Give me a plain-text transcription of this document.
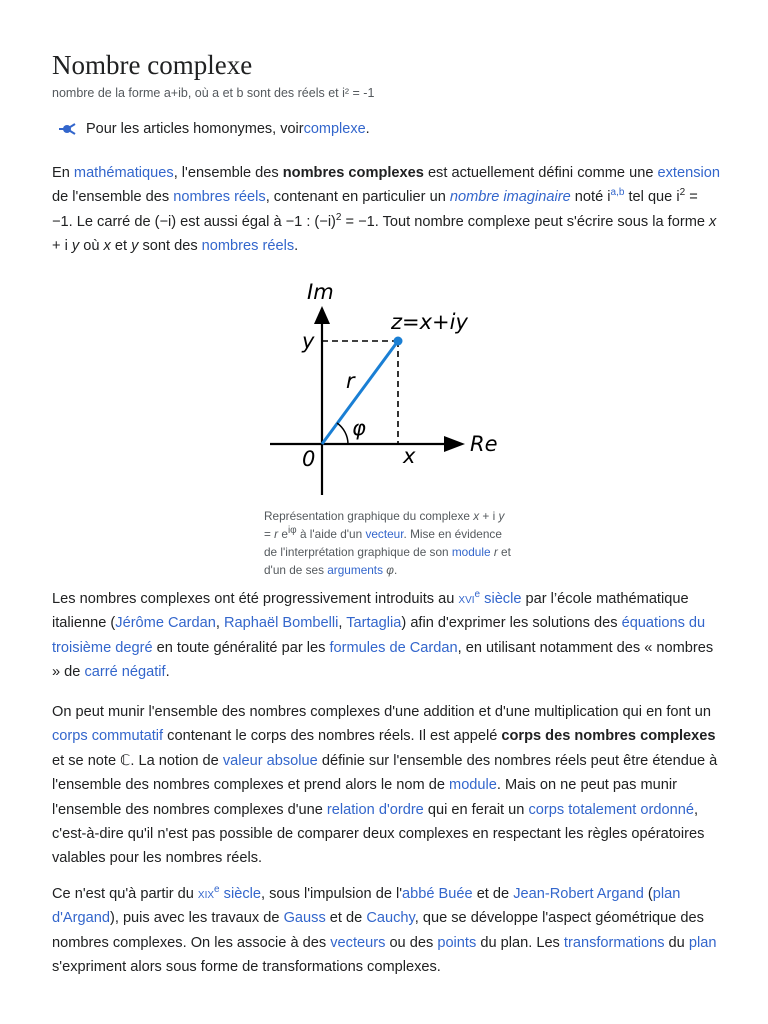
Nombre complexe
nombre de la forme a+ib, où a et b sont des réels et i² = -1
Pour les articles homonymes, voir complexe .

En mathématiques, l'ensemble des nombres complexes est actuellement défini comme une extension de l'ensemble des nombres réels, contenant en particulier un nombre imaginaire noté $i^{a,b}$ tel que $i^2 = -1$. Le carré de (−i) est aussi égal à −1 : $(-i)^2 = -1$. Tout nombre complexe peut s'écrire sous la forme x + i y où x et y sont des nombres réels.

Im
z=x+iy
y
r
φ
Re
0	x
Représentation graphique du complexe x + i y = r $e^{i\varphi}$ à l'aide d'un vecteur. Mise en évidence de l'interprétation graphique de son module r et d'un de ses arguments φ.

Les nombres complexes ont été progressivement introduits au xvi$^e$ siècle par l’école mathématique italienne (Jérôme Cardan, Raphaël Bombelli, Tartaglia) afin d'exprimer les solutions des équations du troisième degré en toute généralité par les formules de Cardan, en utilisant notamment des « nombres » de carré négatif.

On peut munir l'ensemble des nombres complexes d'une addition et d'une multiplication qui en font un corps commutatif contenant le corps des nombres réels. Il est appelé corps des nombres complexes et se note ℂ. La notion de valeur absolue définie sur l'ensemble des nombres réels peut être étendue à l'ensemble des nombres complexes et prend alors le nom de module. Mais on ne peut pas munir l'ensemble des nombres complexes d'une relation d'ordre qui en ferait un corps totalement ordonné, c'est-à-dire qu'il n'est pas possible de comparer deux complexes en respectant les règles opératoires valables pour les nombres réels.

Ce n'est qu'à partir du xix$^e$ siècle, sous l'impulsion de l'abbé Buée et de Jean-Robert Argand (plan d'Argand), puis avec les travaux de Gauss et de Cauchy, que se développe l'aspect géométrique des nombres complexes. On les associe à des vecteurs ou des points du plan. Les transformations du plan s'expriment alors sous forme de transformations complexes.
